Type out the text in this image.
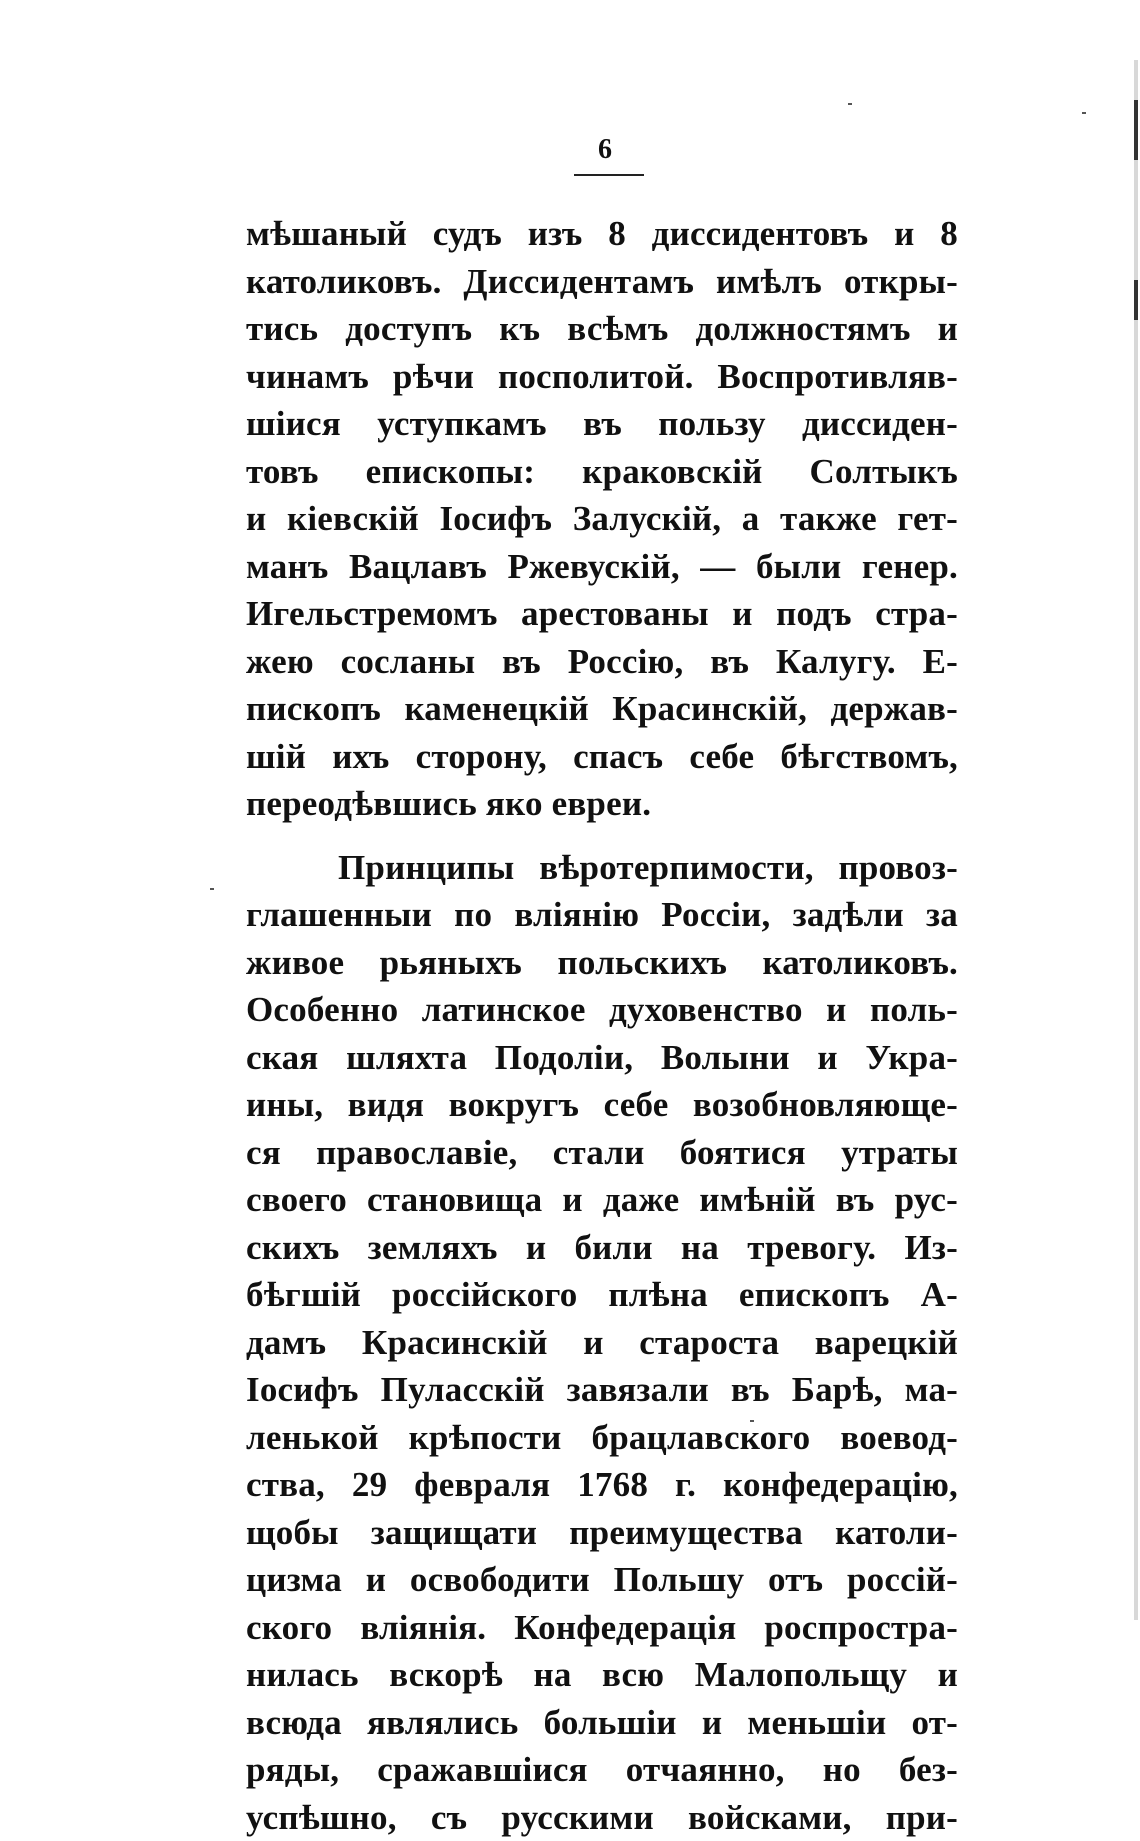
6
мѣшаный судъ изъ 8 диссидентовъ и 8
католиковъ. Диссидентамъ имѣлъ откры-
тись доступъ къ всѣмъ должностямъ и
чинамъ рѣчи посполитой. Воспротивляв-
шіися уступкамъ въ пользу диссиден-
товъ епископы: краковскій Солтыкъ
и кіевскій Іосифъ Залускій, а также гет-
манъ Вацлавъ Ржевускій, — были генер.
Игельстремомъ арестованы и подъ стра-
жею сосланы въ Россію, въ Калугу. Е-
пископъ каменецкій Красинскій, держав-
шій ихъ сторону, спасъ себе бѣгствомъ,
переодѣвшись яко евреи.
Принципы вѣротерпимости, провоз-
глашенныи по вліянію Россіи, задѣли за
живое рьяныхъ польскихъ католиковъ.
Особенно латинское духовенство и поль-
ская шляхта Подоліи, Волыни и Укра-
ины, видя вокругъ себе возобновляюще-
ся православіе, стали боятися утраты
своего становища и даже имѣній въ рус-
скихъ земляхъ и били на тревогу. Из-
бѣгшій россійского плѣна епископъ А-
дамъ Красинскій и староста варецкій
Іосифъ Пуласскій завязали въ Барѣ, ма-
ленькой крѣпости брацлавского воевод-
ства, 29 февраля 1768 г. конфедерацію,
щобы защищати преимущества католи-
цизма и освободити Польшу отъ россій-
ского вліянія. Конфедерація роспростра-
нилась вскорѣ на всю Малопольщу и
всюда являлись большіи и меньшіи от-
ряды, сражавшіися отчаянно, но без-
успѣшно, съ русскими войсками, при-
